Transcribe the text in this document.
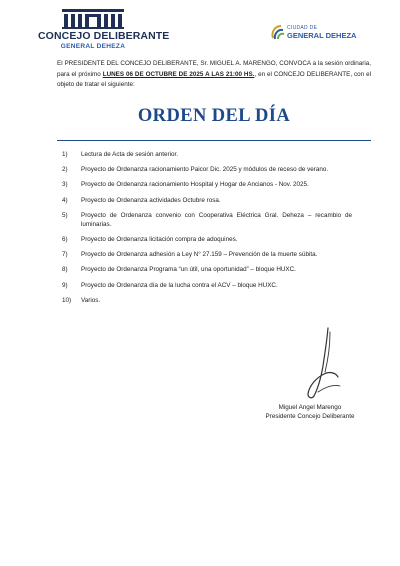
CONCEJO DELIBERANTE
GENERAL DEHEZA
CIUDAD DE
GENERAL DEHEZA

El PRESIDENTE DEL CONCEJO DELIBERANTE, Sr. MIGUEL A. MARENGO, CONVOCA a la sesión ordinaria, para el próximo LUNES 06 DE OCTUBRE DE 2025 A LAS 21:00 HS., en el CONCEJO DELIBERANTE, con el objeto de tratar el siguiente:

ORDEN DEL DÍA
1)	Lectura de Acta de sesión anterior.
2)	Proyecto de Ordenanza racionamiento Paicor Dic. 2025 y módulos de receso de verano.
3)	Proyecto de Ordenanza racionamiento Hospital y Hogar de Ancianos - Nov. 2025.
4)	Proyecto de Ordenanza actividades Octubre rosa.
5)	Proyecto de Ordenanza convenio con Cooperativa Eléctrica Gral. Deheza – recambio de luminarias.
6)	Proyecto de Ordenanza licitación compra de adoquines.
7)	Proyecto de Ordenanza adhesión a Ley N° 27.159 – Prevención de la muerte súbita.
8)	Proyecto de Ordenanza Programa “un útil, una oportunidad” – bloque HUXC.
9)	Proyecto de Ordenanza día de la lucha contra el ACV – bloque HUXC.
10)	Varios.
Miguel Angel Marengo
Presidente Concejo Deliberante
